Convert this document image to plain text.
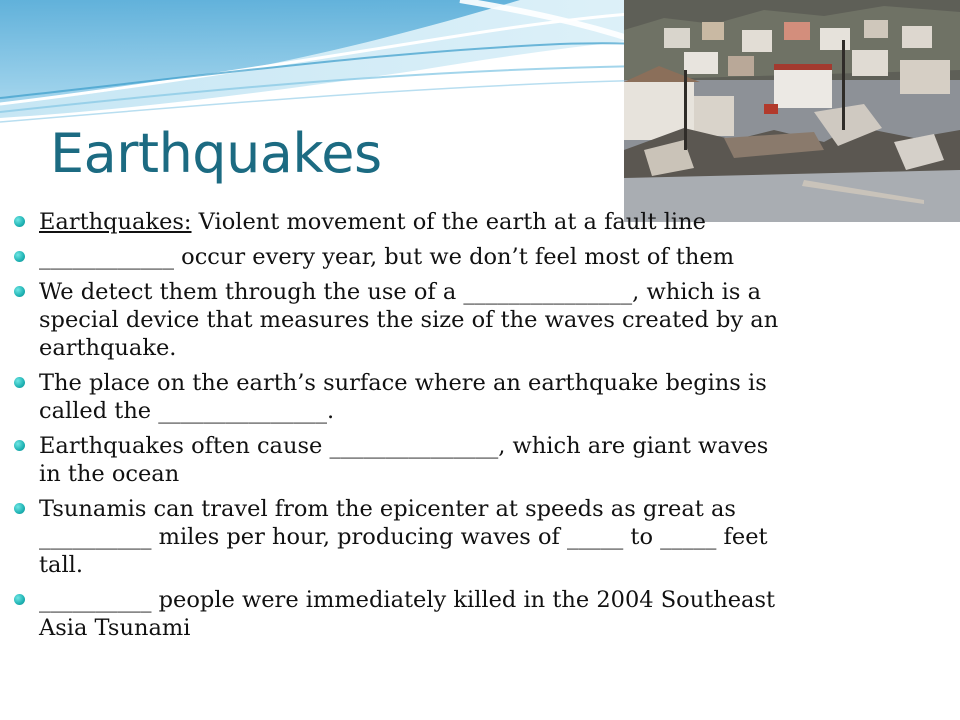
Earthquakes
Earthquakes: Violent movement of the earth at a fault line
____________ occur every year, but we don’t feel most of them
We detect them through the use of a _______________, which is a special device that measures the size of the waves created by an earthquake.
The place on the earth’s surface where an earthquake begins is called the _______________.
Earthquakes often cause _______________, which are giant waves in the ocean
Tsunamis can travel from the epicenter at speeds as great as __________ miles per hour, producing waves of _____ to _____ feet tall.
__________ people were immediately killed in the 2004 Southeast Asia Tsunami
